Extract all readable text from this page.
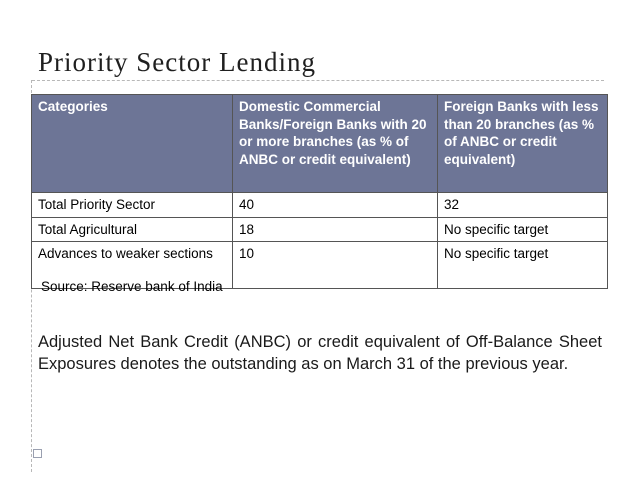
Priority Sector Lending
Categories	Domestic Commercial Banks/Foreign Banks with 20 or more branches (as % of ANBC or credit equivalent)	Foreign Banks with less than 20 branches (as % of ANBC or credit equivalent)
Total Priority Sector	40	32
Total Agricultural	18	No specific target
Advances to weaker sections	10	No specific target
Source: Reserve bank of India
Adjusted Net Bank Credit (ANBC) or credit equivalent of Off-Balance Sheet Exposures denotes the outstanding as on March 31 of the previous year.
